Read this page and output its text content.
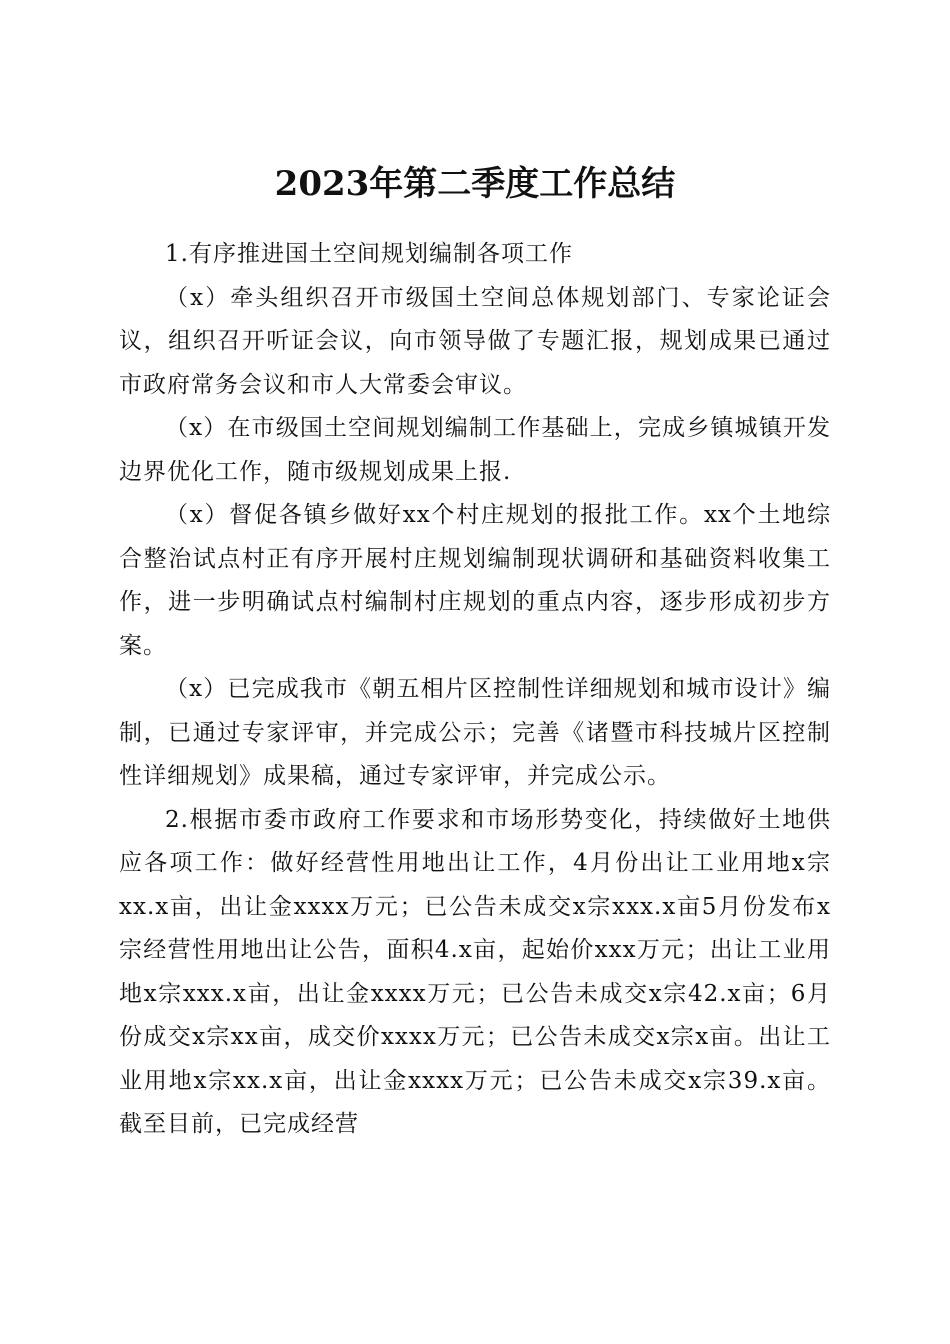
2023年第二季度工作总结

1.有序推进国土空间规划编制各项工作

（x）牵头组织召开市级国土空间总体规划部门、专家论证会议，组织召开听证会议，向市领导做了专题汇报，规划成果已通过市政府常务会议和市人大常委会审议。

（x）在市级国土空间规划编制工作基础上，完成乡镇城镇开发边界优化工作，随市级规划成果上报.

（x）督促各镇乡做好xx个村庄规划的报批工作。xx个土地综合整治试点村正有序开展村庄规划编制现状调研和基础资料收集工作，进一步明确试点村编制村庄规划的重点内容，逐步形成初步方案。

（x）已完成我市《朝五相片区控制性详细规划和城市设计》编制，已通过专家评审，并完成公示；完善《诸暨市科技城片区控制性详细规划》成果稿，通过专家评审，并完成公示。

2.根据市委市政府工作要求和市场形势变化，持续做好土地供应各项工作：做好经营性用地出让工作，4月份出让工业用地x宗xx.x亩，出让金xxxx万元；已公告未成交x宗xxx.x亩5月份发布x宗经营性用地出让公告，面积4.x亩，起始价xxx万元；出让工业用地x宗xxx.x亩，出让金xxxx万元；已公告未成交x宗42.x亩；6月份成交x宗xx亩，成交价xxxx万元；已公告未成交x宗x亩。出让工业用地x宗xx.x亩，出让金xxxx万元；已公告未成交x宗39.x亩。截至目前，已完成经营
